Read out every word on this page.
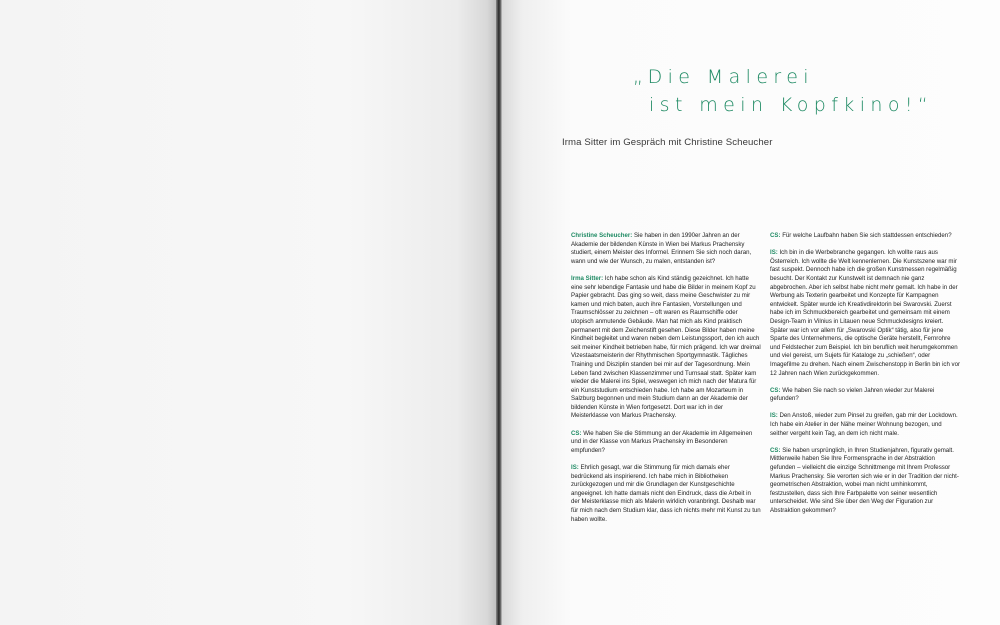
„Die Malerei
ist mein Kopfkino!“

Irma Sitter im Gespräch mit Christine Scheucher

Christine Scheucher: Sie haben in den 1990er Jahren an der Akademie der bildenden Künste in Wien bei Markus Prachensky studiert, einem Meister des Informel. Erinnern Sie sich noch daran, wann und wie der Wunsch, zu malen, entstanden ist?

Irma Sitter: Ich habe schon als Kind ständig gezeichnet. Ich hatte eine sehr lebendige Fantasie und habe die Bilder in meinem Kopf zu Papier gebracht. Das ging so weit, dass meine Geschwister zu mir kamen und mich baten, auch ihre Fantasien, Vorstellungen und Traumschlösser zu zeichnen – oft waren es Raumschiffe oder utopisch anmutende Gebäude. Man hat mich als Kind praktisch permanent mit dem Zeichenstift gesehen. Diese Bilder haben meine Kindheit begleitet und waren neben dem Leistungssport, den ich auch seit meiner Kindheit betrieben habe, für mich prägend. Ich war dreimal Vizestaatsmeisterin der Rhythmischen Sportgymnastik. Tägliches Training und Disziplin standen bei mir auf der Tagesordnung. Mein Leben fand zwischen Klassenzimmer und Turnsaal statt. Später kam wieder die Malerei ins Spiel, weswegen ich mich nach der Matura für ein Kunststudium entschieden habe. Ich habe am Mozarteum in Salzburg begonnen und mein Studium dann an der Akademie der bildenden Künste in Wien fortgesetzt. Dort war ich in der Meisterklasse von Markus Prachensky.

CS: Wie haben Sie die Stimmung an der Akademie im Allgemeinen und in der Klasse von Markus Prachensky im Besonderen empfunden?

IS: Ehrlich gesagt, war die Stimmung für mich damals eher bedrückend als inspirierend. Ich habe mich in Bibliotheken zurückgezogen und mir die Grundlagen der Kunstgeschichte angeeignet. Ich hatte damals nicht den Eindruck, dass die Arbeit in der Meisterklasse mich als Malerin wirklich voranbringt. Deshalb war für mich nach dem Studium klar, dass ich nichts mehr mit Kunst zu tun haben wollte.

CS: Für welche Laufbahn haben Sie sich stattdessen entschieden?

IS: Ich bin in die Werbebranche gegangen. Ich wollte raus aus Österreich. Ich wollte die Welt kennenlernen. Die Kunstszene war mir fast suspekt. Dennoch habe ich die großen Kunstmessen regelmäßig besucht. Der Kontakt zur Kunstwelt ist demnach nie ganz abgebrochen. Aber ich selbst habe nicht mehr gemalt. Ich habe in der Werbung als Texterin gearbeitet und Konzepte für Kampagnen entwickelt. Später wurde ich Kreativdirektorin bei Swarovski. Zuerst habe ich im Schmuckbereich gearbeitet und gemeinsam mit einem Design-Team in Vilnius in Litauen neue Schmuckdesigns kreiert. Später war ich vor allem für „Swarovski Optik“ tätig, also für jene Sparte des Unternehmens, die optische Geräte herstellt, Fernrohre und Feldstecher zum Beispiel. Ich bin beruflich weit herumgekommen und viel gereist, um Sujets für Kataloge zu „schießen“, oder Imagefilme zu drehen. Nach einem Zwischenstopp in Berlin bin ich vor 12 Jahren nach Wien zurückgekommen.

CS: Wie haben Sie nach so vielen Jahren wieder zur Malerei gefunden?

IS: Den Anstoß, wieder zum Pinsel zu greifen, gab mir der Lockdown. Ich habe ein Atelier in der Nähe meiner Wohnung bezogen, und seither vergeht kein Tag, an dem ich nicht male.

CS: Sie haben ursprünglich, in Ihren Studienjahren, figurativ gemalt. Mittlerweile haben Sie Ihre Formensprache in der Abstraktion gefunden – vielleicht die einzige Schnittmenge mit Ihrem Professor Markus Prachensky. Sie verorten sich wie er in der Tradition der nicht-geometrischen Abstraktion, wobei man nicht umhinkommt, festzustellen, dass sich Ihre Farbpalette von seiner wesentlich unterscheidet. Wie sind Sie über den Weg der Figuration zur Abstraktion gekommen?
